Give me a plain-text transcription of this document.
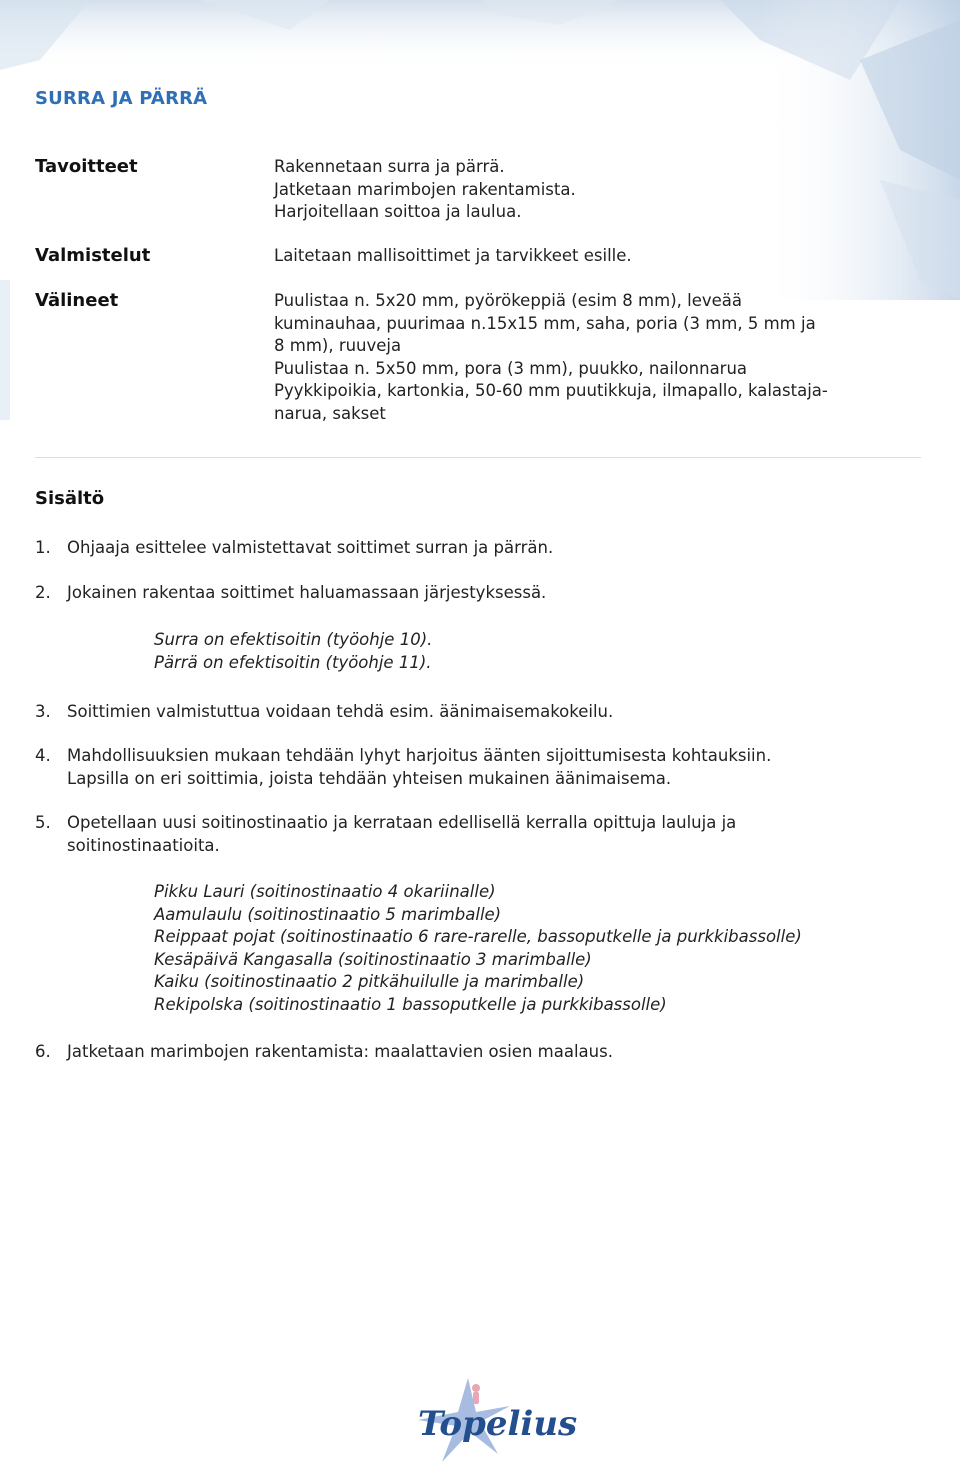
SURRA JA PÄRRÄ
Tavoitteet	Rakennetaan surra ja pärrä.
Jatketaan marimbojen rakentamista.
Harjoitellaan soittoa ja laulua.
Valmistelut	Laitetaan mallisoittimet ja tarvikkeet esille.
Välineet	Puulistaa n. 5x20 mm, pyörökeppiä (esim 8 mm), leveää
kuminauhaa, puurimaa n.15x15 mm, saha, poria (3 mm, 5 mm ja
8 mm), ruuveja
Puulistaa n. 5x50 mm, pora (3 mm), puukko, nailonnarua
Pyykkipoikia, kartonkia, 50-60 mm puutikkuja, ilmapallo, kalastaja-
narua, sakset
Sisältö
1. Ohjaaja esittelee valmistettavat soittimet surran ja pärrän.
2. Jokainen rakentaa soittimet haluamassaan järjestyksessä.
Surra on efektisoitin (työohje 10).
Pärrä on efektisoitin (työohje 11).
3. Soittimien valmistuttua voidaan tehdä esim. äänimaisemakokeilu.
4. Mahdollisuuksien mukaan tehdään lyhyt harjoitus äänten sijoittumisesta kohtauksiin.
Lapsilla on eri soittimia, joista tehdään yhteisen mukainen äänimaisema.
5. Opetellaan uusi soitinostinaatio ja kerrataan edellisellä kerralla opittuja lauluja ja
soitinostinaatioita.
Pikku Lauri (soitinostinaatio 4 okariinalle)
Aamulaulu (soitinostinaatio 5 marimballe)
Reippaat pojat (soitinostinaatio 6 rare-rarelle, bassoputkelle ja purkkibassolle)
Kesäpäivä Kangasalla (soitinostinaatio 3 marimballe)
Kaiku (soitinostinaatio 2 pitkähuilulle ja marimballe)
Rekipolska (soitinostinaatio 1 bassoputkelle ja purkkibassolle)
6. Jatketaan marimbojen rakentamista: maalattavien osien maalaus.
Topelius
